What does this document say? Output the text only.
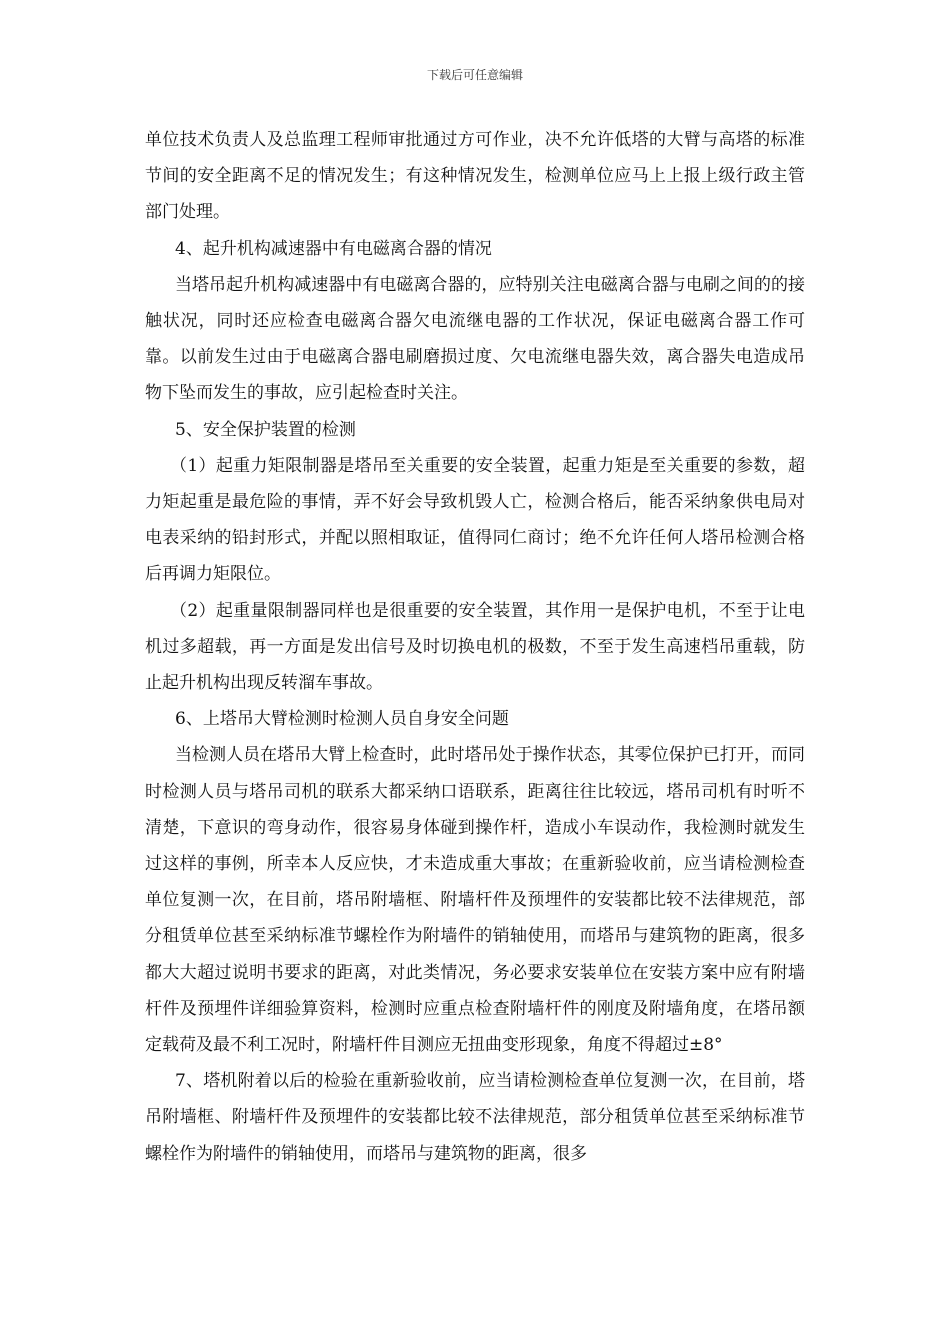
下载后可任意编辑

单位技术负责人及总监理工程师审批通过方可作业，决不允许低塔的大臂与高塔的标准节间的安全距离不足的情况发生；有这种情况发生，检测单位应马上上报上级行政主管部门处理。

4、起升机构减速器中有电磁离合器的情况

当塔吊起升机构减速器中有电磁离合器的，应特别关注电磁离合器与电刷之间的的接触状况，同时还应检查电磁离合器欠电流继电器的工作状况，保证电磁离合器工作可靠。以前发生过由于电磁离合器电刷磨损过度、欠电流继电器失效，离合器失电造成吊物下坠而发生的事故，应引起检查时关注。

5、安全保护装置的检测

（1）起重力矩限制器是塔吊至关重要的安全装置，起重力矩是至关重要的参数，超力矩起重是最危险的事情，弄不好会导致机毁人亡，检测合格后，能否采纳象供电局对电表采纳的铅封形式，并配以照相取证，值得同仁商讨；绝不允许任何人塔吊检测合格后再调力矩限位。

（2）起重量限制器同样也是很重要的安全装置，其作用一是保护电机，不至于让电机过多超载，再一方面是发出信号及时切换电机的极数，不至于发生高速档吊重载，防止起升机构出现反转溜车事故。

6、上塔吊大臂检测时检测人员自身安全问题

当检测人员在塔吊大臂上检查时，此时塔吊处于操作状态，其零位保护已打开，而同时检测人员与塔吊司机的联系大都采纳口语联系，距离往往比较远，塔吊司机有时听不清楚，下意识的弯身动作，很容易身体碰到操作杆，造成小车误动作，我检测时就发生过这样的事例，所幸本人反应快，才未造成重大事故；在重新验收前，应当请检测检查单位复测一次，在目前，塔吊附墙框、附墙杆件及预埋件的安装都比较不法律规范，部分租赁单位甚至采纳标准节螺栓作为附墙件的销轴使用，而塔吊与建筑物的距离，很多都大大超过说明书要求的距离，对此类情况，务必要求安装单位在安装方案中应有附墙杆件及预埋件详细验算资料，检测时应重点检查附墙杆件的刚度及附墙角度，在塔吊额定载荷及最不利工况时，附墙杆件目测应无扭曲变形现象，角度不得超过±8°

7、塔机附着以后的检验在重新验收前，应当请检测检查单位复测一次，在目前，塔吊附墙框、附墙杆件及预埋件的安装都比较不法律规范，部分租赁单位甚至采纳标准节螺栓作为附墙件的销轴使用，而塔吊与建筑物的距离，很多
